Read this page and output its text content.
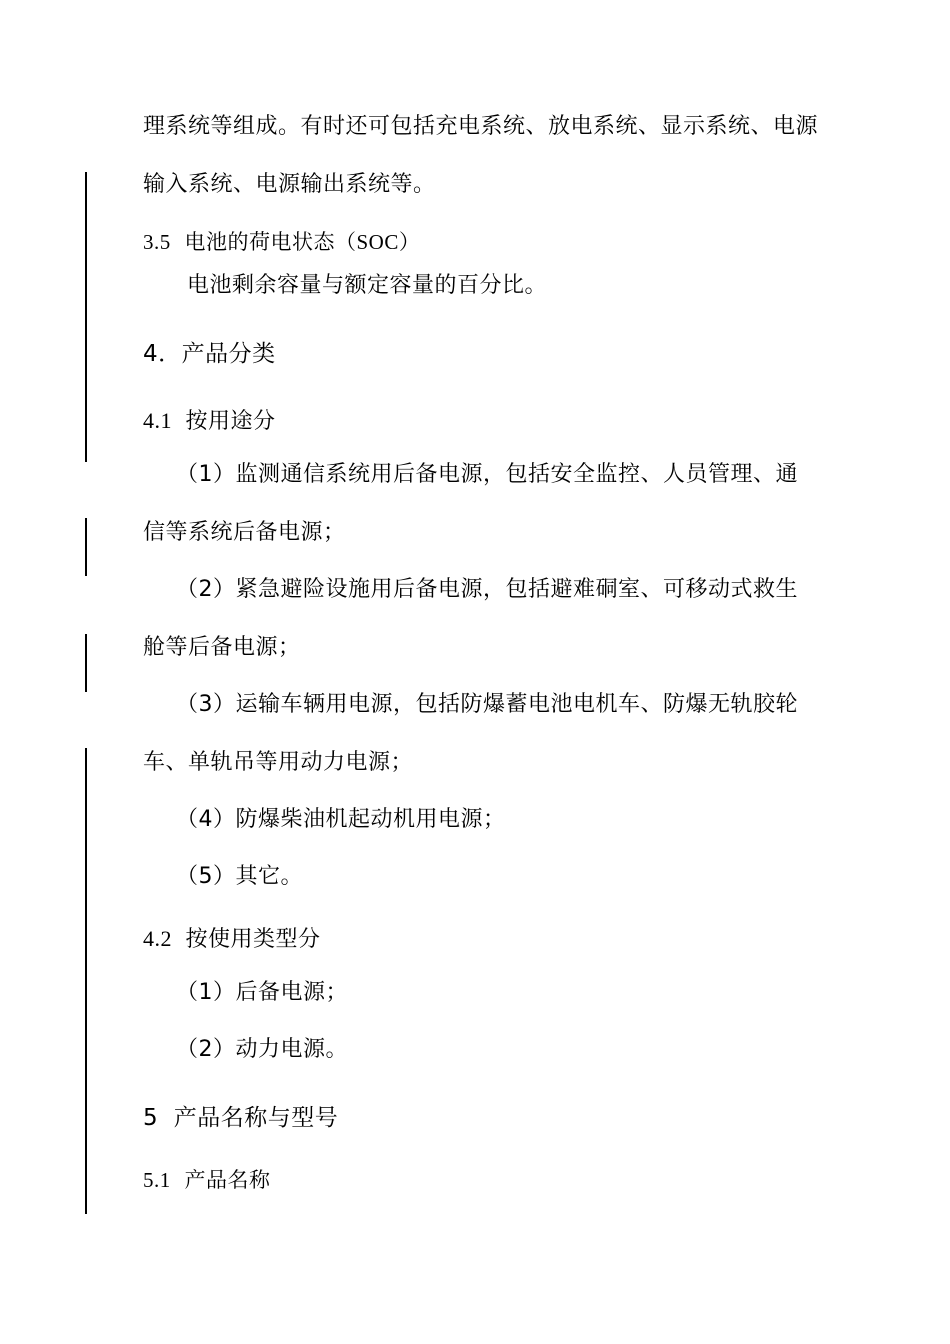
理系统等组成。有时还可包括充电系统、放电系统、显示系统、电源
输入系统、电源输出系统等。
3.5 电池的荷电状态（SOC）
电池剩余容量与额定容量的百分比。
4．产品分类
4.1 按用途分
（1）监测通信系统用后备电源，包括安全监控、人员管理、通
信等系统后备电源；
（2）紧急避险设施用后备电源，包括避难硐室、可移动式救生
舱等后备电源；
（3）运输车辆用电源，包括防爆蓄电池电机车、防爆无轨胶轮
车、单轨吊等用动力电源；
（4）防爆柴油机起动机用电源；
（5）其它。
4.2 按使用类型分
（1）后备电源；
（2）动力电源。
5  产品名称与型号
5.1 产品名称
